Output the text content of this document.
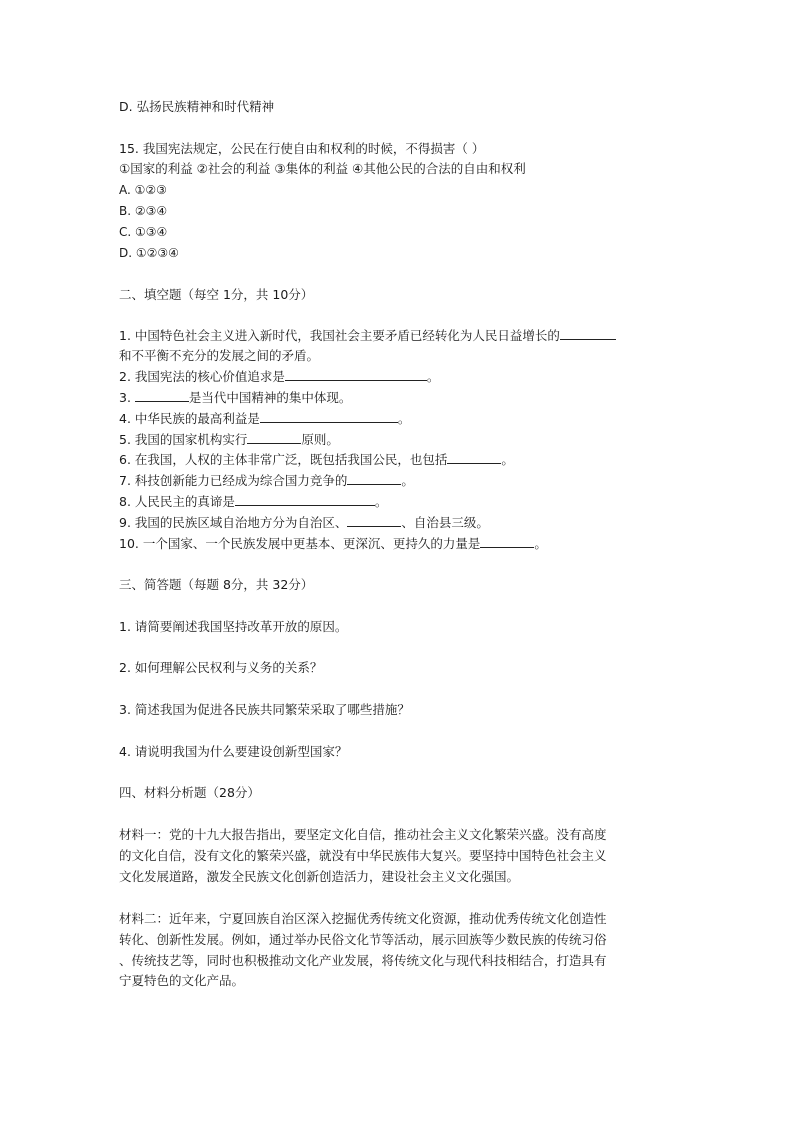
D. 弘扬民族精神和时代精神
15. 我国宪法规定，公民在行使自由和权利的时候，不得损害（ ）
①国家的利益 ②社会的利益 ③集体的利益 ④其他公民的合法的自由和权利
A. ①②③
B. ②③④
C. ①③④
D. ①②③④
二、填空题（每空 1分，共 10分）
1. 中国特色社会主义进入新时代，我国社会主要矛盾已经转化为人民日益增长的
和不平衡不充分的发展之间的矛盾。
2. 我国宪法的核心价值追求是	。
3.	是当代中国精神的集中体现。
4. 中华民族的最高利益是	。
5. 我国的国家机构实行	原则。
6. 在我国，人权的主体非常广泛，既包括我国公民，也包括	。
7. 科技创新能力已经成为综合国力竞争的	。
8. 人民民主的真谛是	。
9. 我国的民族区域自治地方分为自治区、	、自治县三级。
10. 一个国家、一个民族发展中更基本、更深沉、更持久的力量是	。
三、简答题（每题 8分，共 32分）
1. 请简要阐述我国坚持改革开放的原因。
2. 如何理解公民权利与义务的关系？
3. 简述我国为促进各民族共同繁荣采取了哪些措施？
4. 请说明我国为什么要建设创新型国家？
四、材料分析题（28分）
材料一：党的十九大报告指出，要坚定文化自信，推动社会主义文化繁荣兴盛。没有高度
的文化自信，没有文化的繁荣兴盛，就没有中华民族伟大复兴。要坚持中国特色社会主义
文化发展道路，激发全民族文化创新创造活力，建设社会主义文化强国。
材料二：近年来，宁夏回族自治区深入挖掘优秀传统文化资源，推动优秀传统文化创造性
转化、创新性发展。例如，通过举办民俗文化节等活动，展示回族等少数民族的传统习俗
、传统技艺等，同时也积极推动文化产业发展，将传统文化与现代科技相结合，打造具有
宁夏特色的文化产品。
